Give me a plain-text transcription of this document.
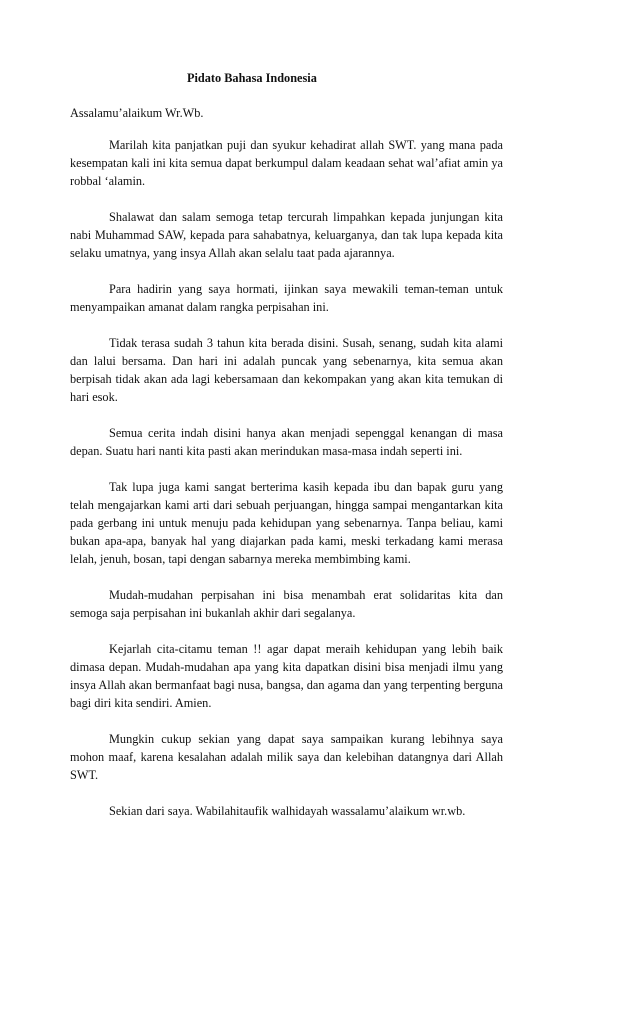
Pidato Bahasa Indonesia

Assalamu’alaikum Wr.Wb.

Marilah kita panjatkan puji dan syukur kehadirat allah SWT. yang mana pada kesempatan kali ini kita semua dapat berkumpul dalam keadaan sehat wal’afiat amin ya robbal ‘alamin.

Shalawat dan salam semoga tetap tercurah limpahkan kepada junjungan kita nabi Muhammad SAW, kepada para sahabatnya, keluarganya, dan tak lupa kepada kita selaku umatnya, yang insya Allah akan selalu taat pada ajarannya.

Para hadirin yang saya hormati, ijinkan saya mewakili teman-teman untuk menyampaikan amanat dalam rangka perpisahan ini.

Tidak terasa sudah 3 tahun kita berada disini. Susah, senang, sudah kita alami dan lalui bersama. Dan hari ini adalah puncak yang sebenarnya, kita semua akan berpisah tidak akan ada lagi kebersamaan dan kekompakan yang akan kita temukan di hari esok.

Semua cerita indah disini hanya akan menjadi sepenggal kenangan di masa depan. Suatu hari nanti kita pasti akan merindukan masa-masa indah seperti ini.

Tak lupa juga kami sangat berterima kasih kepada ibu dan bapak guru yang telah mengajarkan kami arti dari sebuah perjuangan, hingga sampai mengantarkan kita pada gerbang ini untuk menuju pada kehidupan yang sebenarnya. Tanpa beliau, kami bukan apa-apa, banyak hal yang diajarkan pada kami, meski terkadang kami merasa lelah, jenuh, bosan, tapi dengan sabarnya mereka membimbing kami.

Mudah-mudahan perpisahan ini bisa menambah erat solidaritas kita dan semoga saja perpisahan ini bukanlah akhir dari segalanya.

Kejarlah cita-citamu teman !! agar dapat meraih kehidupan yang lebih baik dimasa depan. Mudah-mudahan apa yang kita dapatkan disini bisa menjadi ilmu yang insya Allah akan bermanfaat bagi nusa, bangsa, dan agama dan yang terpenting berguna bagi diri kita sendiri. Amien.

Mungkin cukup sekian yang dapat saya sampaikan kurang lebihnya saya mohon maaf, karena kesalahan adalah milik saya dan kelebihan datangnya dari Allah SWT.

Sekian dari saya. Wabilahitaufik walhidayah wassalamu’alaikum wr.wb.
